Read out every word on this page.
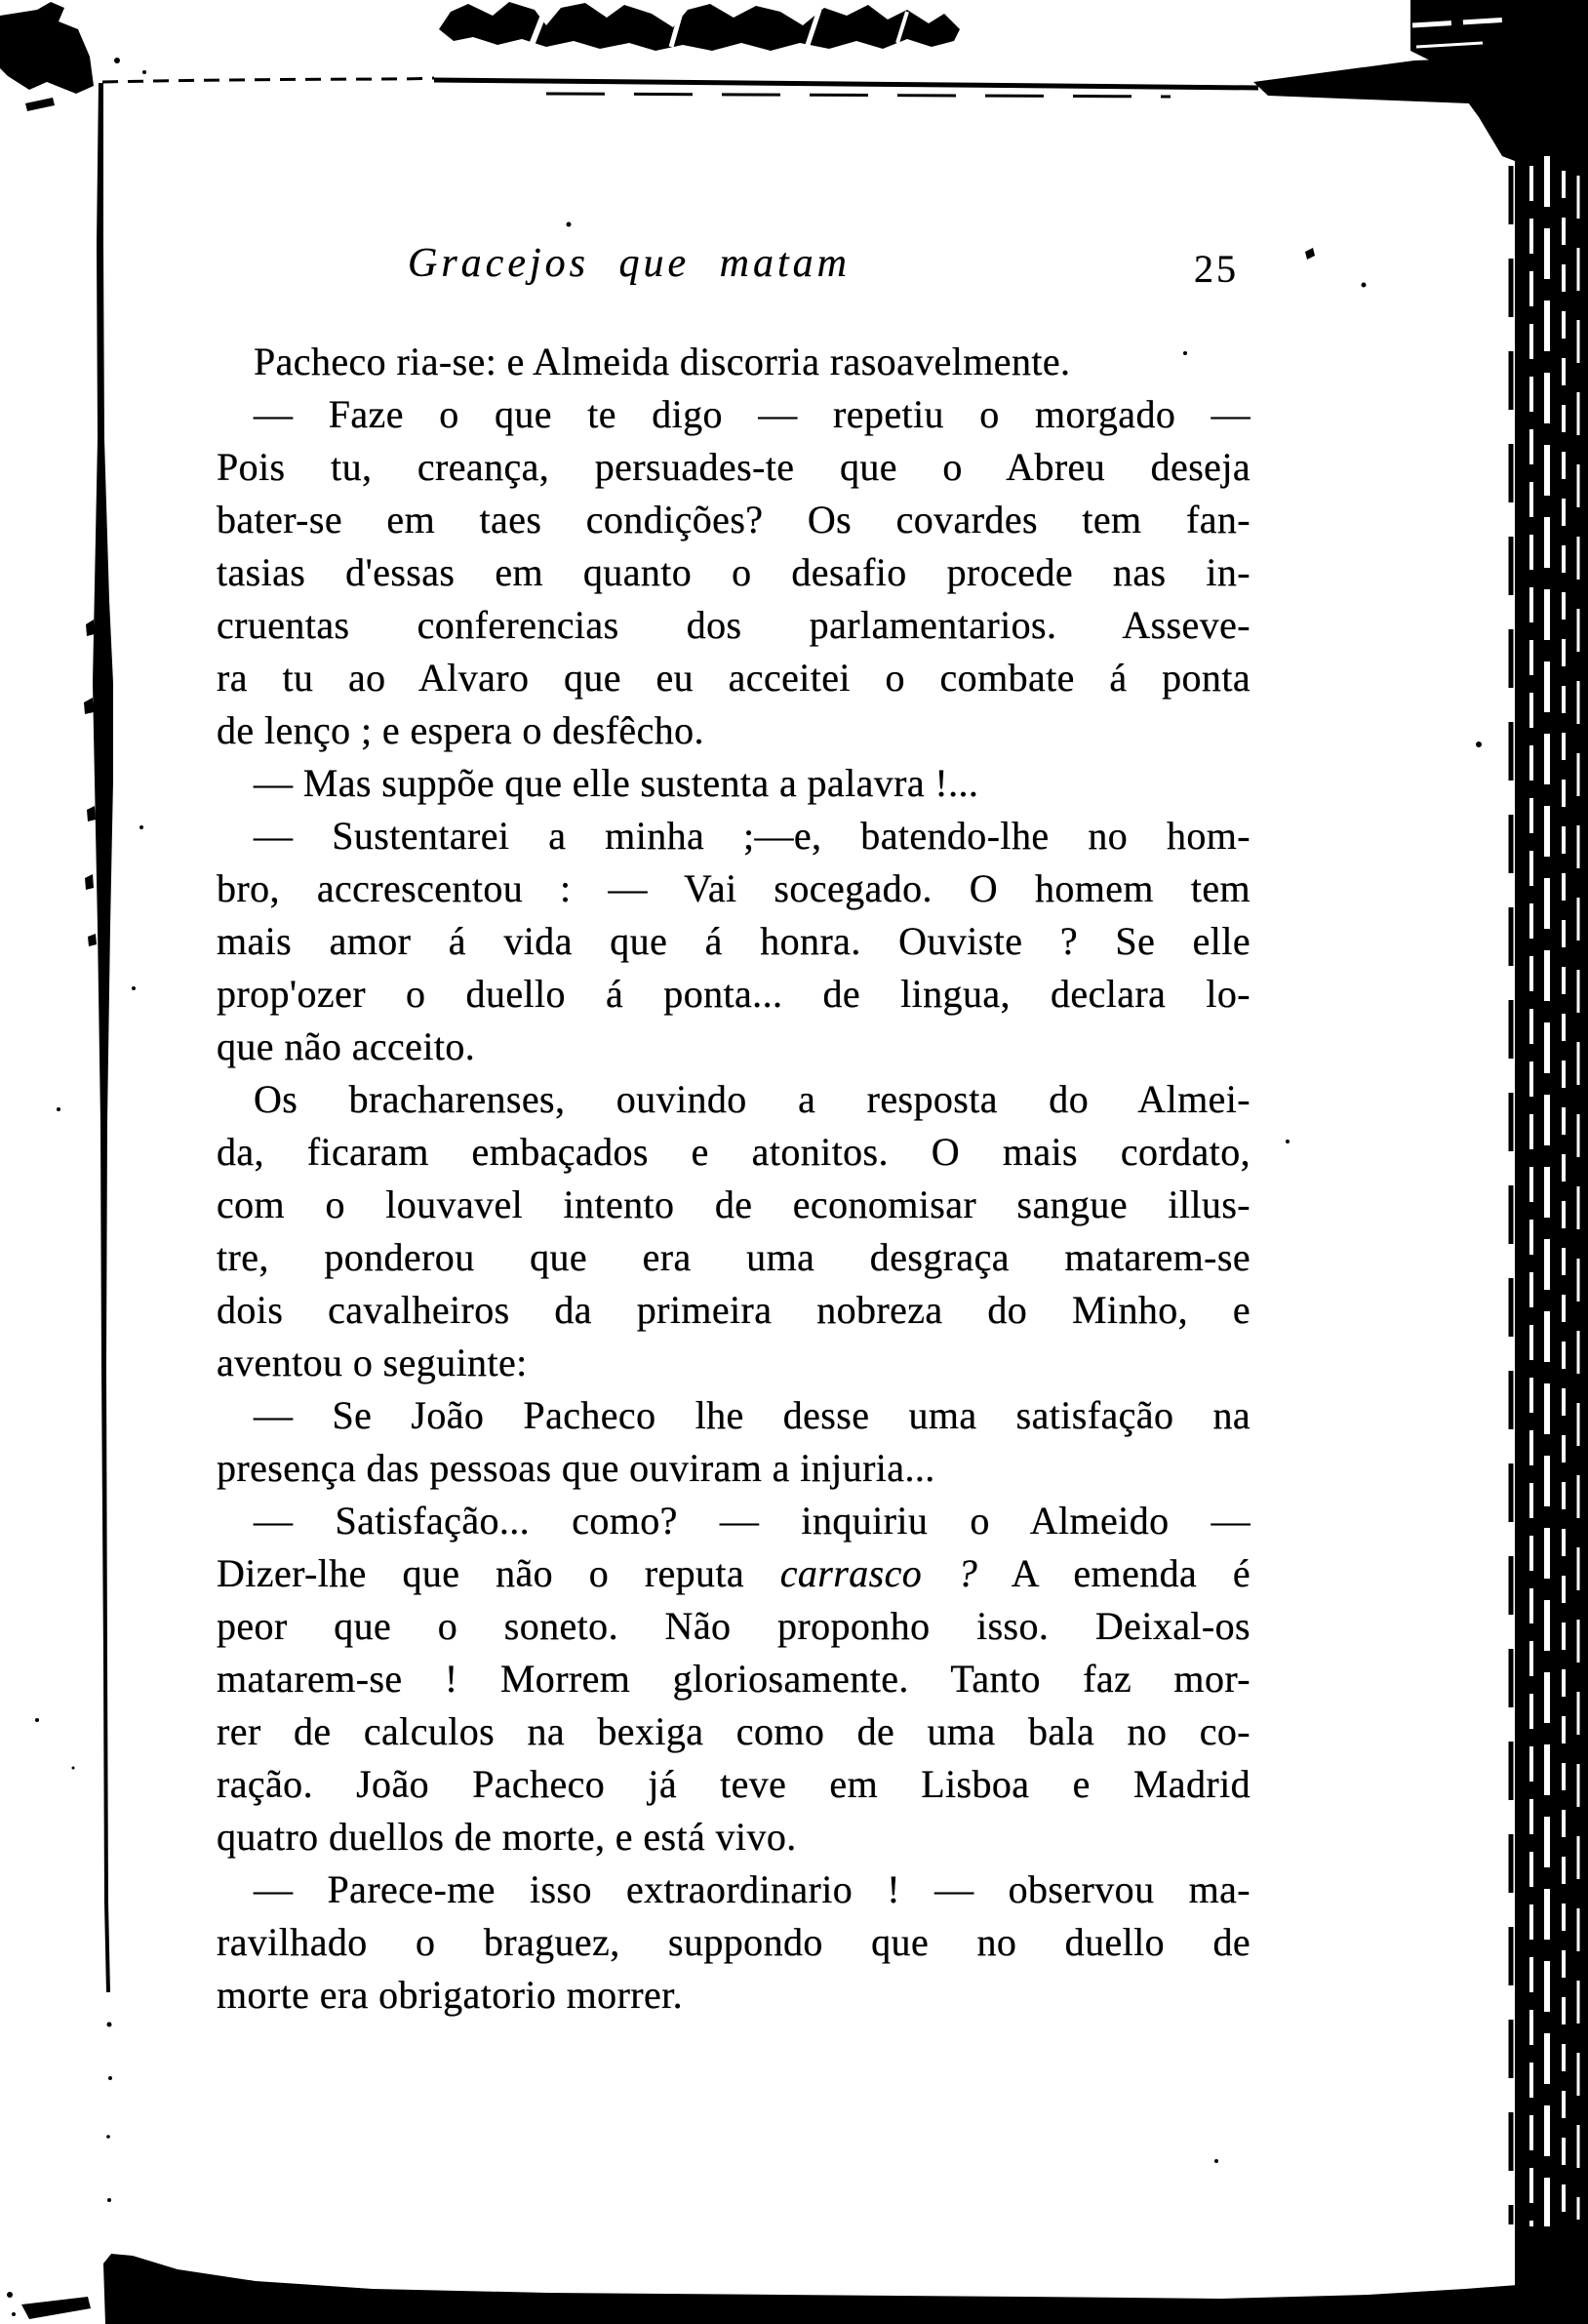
Gracejos que matam	25
Pacheco ria-se: e Almeida discorria rasoavelmente.
— Faze o que te digo — repetiu o morgado —
Pois tu, creança, persuades-te que o Abreu deseja
bater-se em taes condições? Os covardes tem fan-
tasias d'essas em quanto o desafio procede nas in-
cruentas conferencias dos parlamentarios. Asseve-
ra tu ao Alvaro que eu acceitei o combate á ponta
de lenço ; e espera o desfêcho.
— Mas suppõe que elle sustenta a palavra !...
— Sustentarei a minha ;—e, batendo-lhe no hom-
bro, accrescentou : — Vai socegado. O homem tem
mais amor á vida que á honra. Ouviste ? Se elle
prop'ozer o duello á ponta... de lingua, declara lo-
que não acceito.
Os bracharenses, ouvindo a resposta do Almei-
da, ficaram embaçados e atonitos. O mais cordato,
com o louvavel intento de economisar sangue illus-
tre, ponderou que era uma desgraça matarem-se
dois cavalheiros da primeira nobreza do Minho, e
aventou o seguinte:
— Se João Pacheco lhe desse uma satisfação na
presença das pessoas que ouviram a injuria...
— Satisfação... como? — inquiriu o Almeido —
Dizer-lhe que não o reputa carrasco ? A emenda é
peor que o soneto. Não proponho isso. Deixal-os
matarem-se ! Morrem gloriosamente. Tanto faz mor-
rer de calculos na bexiga como de uma bala no co-
ração. João Pacheco já teve em Lisboa e Madrid
quatro duellos de morte, e está vivo.
— Parece-me isso extraordinario ! — observou ma-
ravilhado o braguez, suppondo que no duello de
morte era obrigatorio morrer.
